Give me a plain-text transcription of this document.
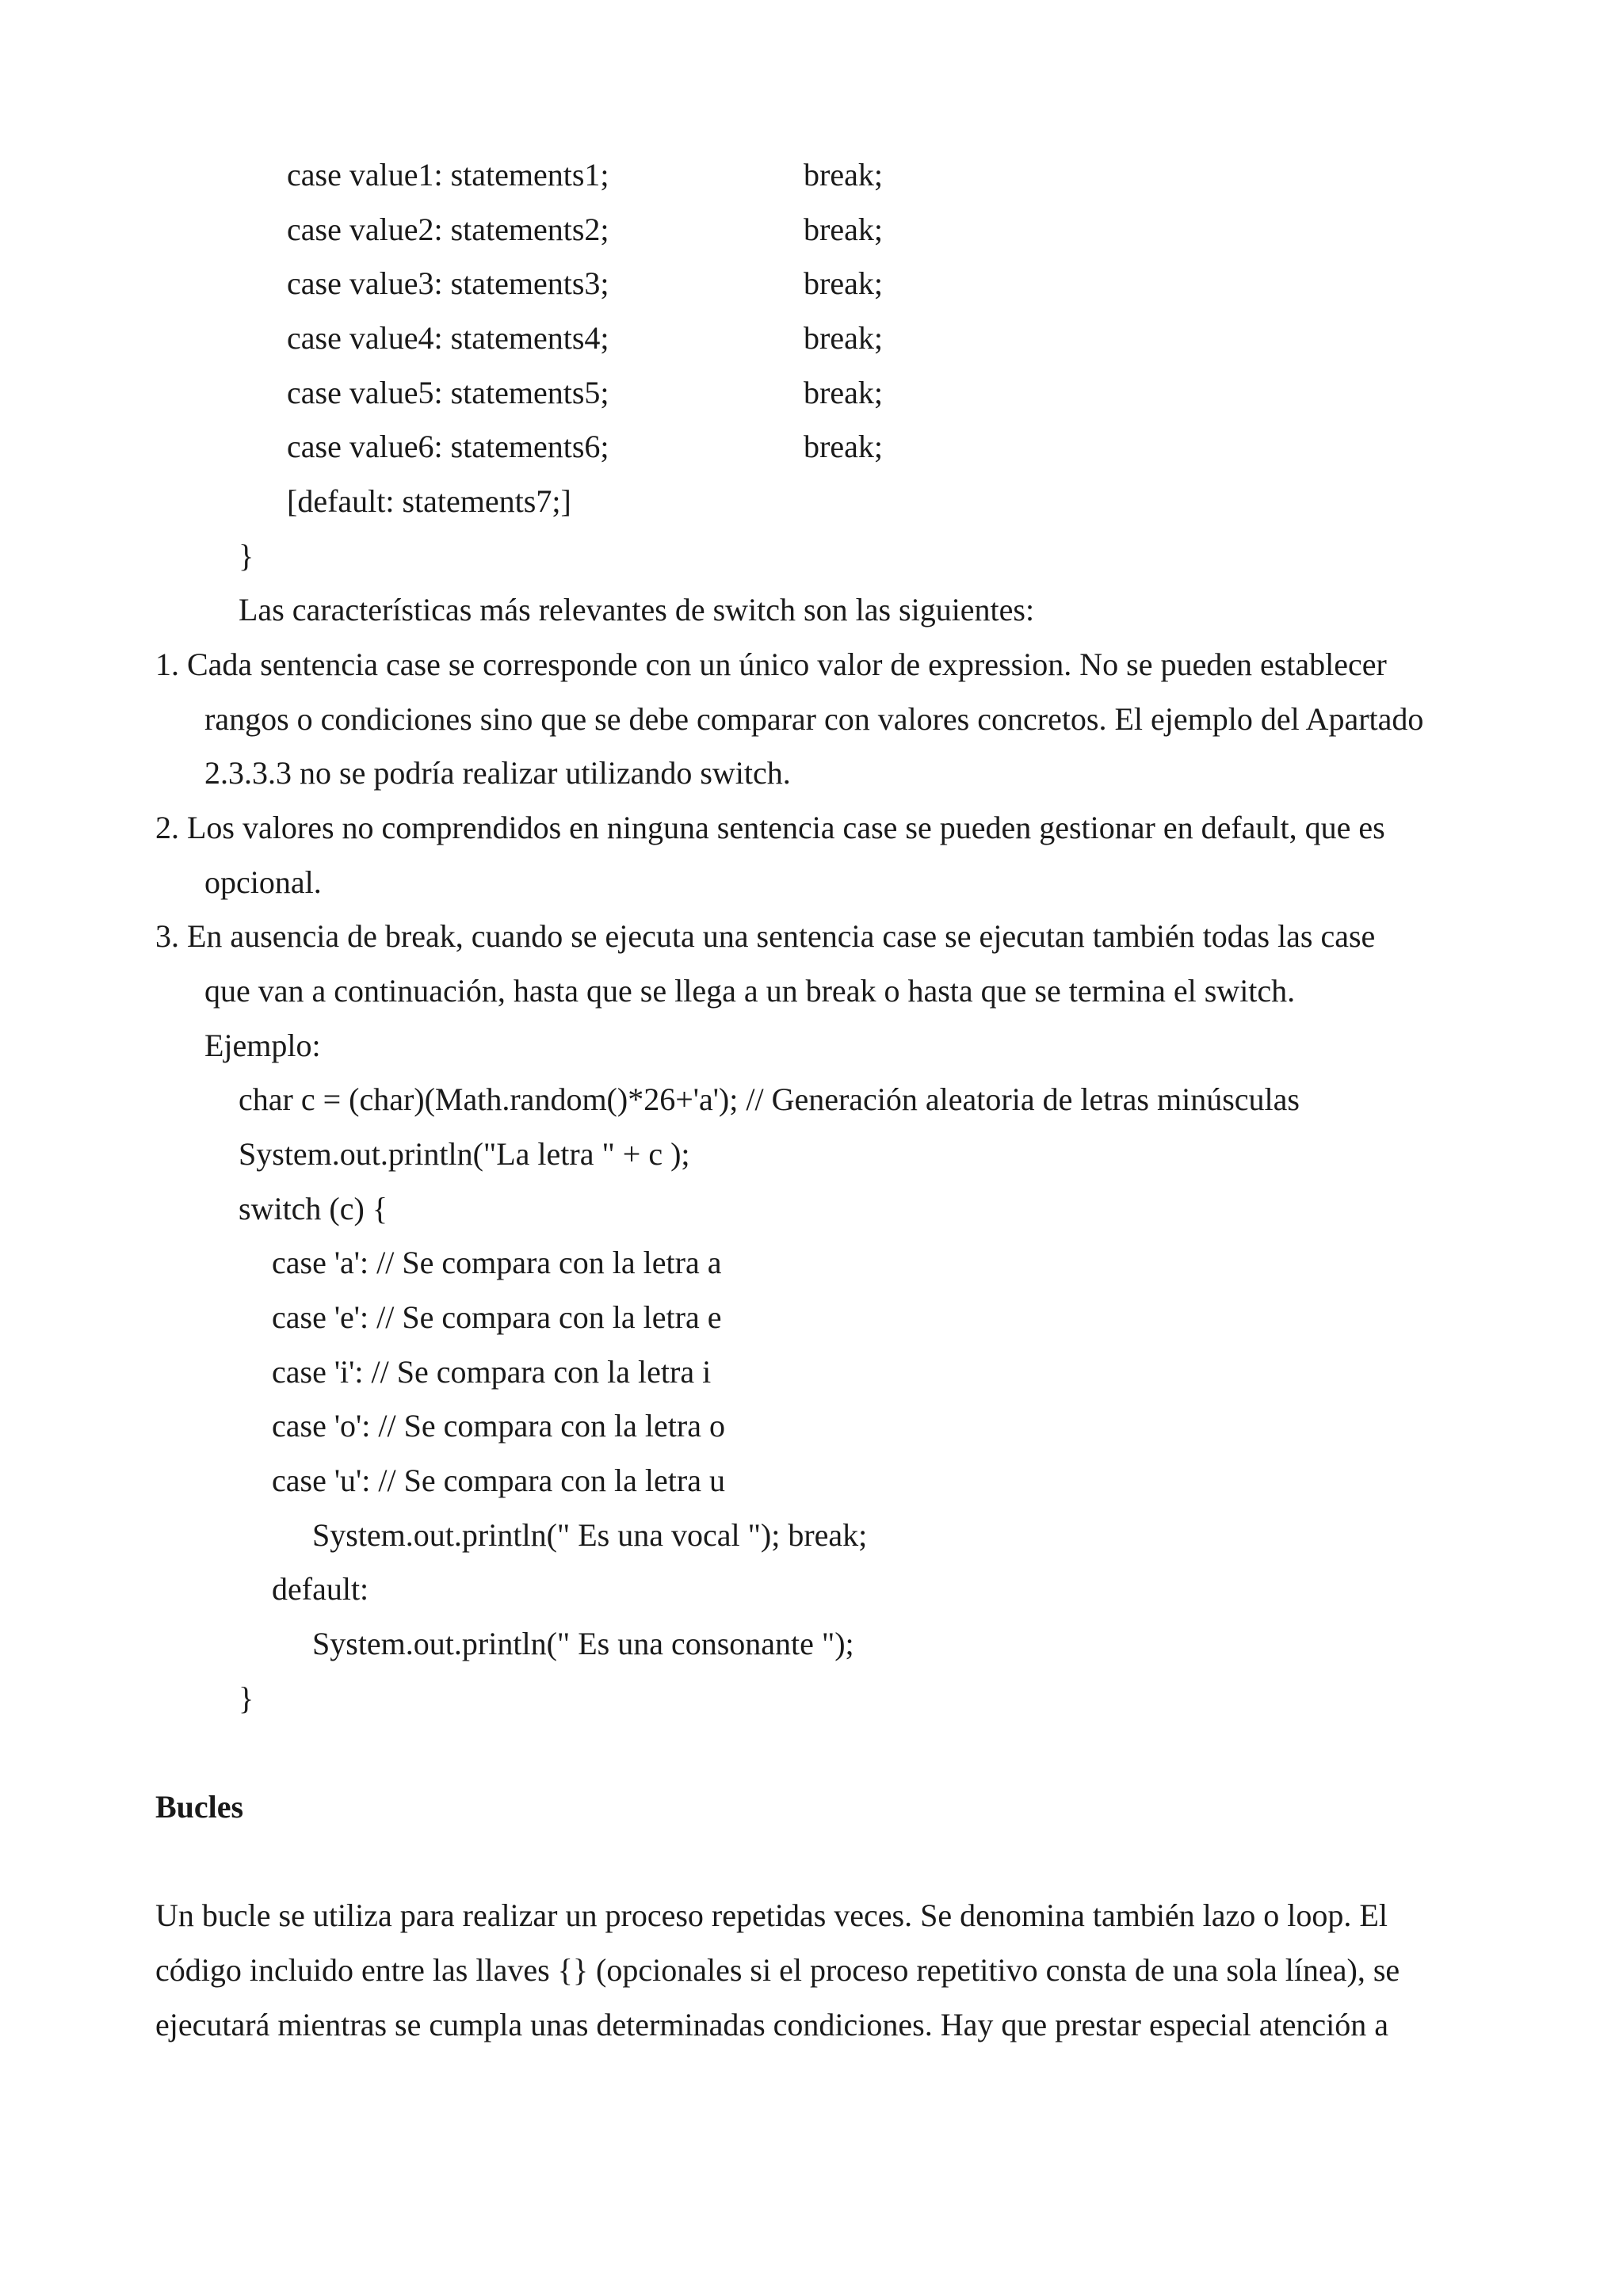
case value1: statements1;	break;
case value2: statements2;	break;
case value3: statements3;	break;
case value4: statements4;	break;
case value5: statements5;	break;
case value6: statements6;	break;
[default: statements7;]
}
Las características más relevantes de switch son las siguientes:
1. Cada sentencia case se corresponde con un único valor de expression. No se pueden establecer
rangos o condiciones sino que se debe comparar con valores concretos. El ejemplo del Apartado
2.3.3.3 no se podría realizar utilizando switch.
2. Los valores no comprendidos en ninguna sentencia case se pueden gestionar en default, que es
opcional.
3. En ausencia de break, cuando se ejecuta una sentencia case se ejecutan también todas las case
que van a continuación, hasta que se llega a un break o hasta que se termina el switch.
Ejemplo:
char c = (char)(Math.random()*26+'a'); // Generación aleatoria de letras minúsculas
System.out.println("La letra " + c );
switch (c) {
case 'a': // Se compara con la letra a
case 'e': // Se compara con la letra e
case 'i': // Se compara con la letra i
case 'o': // Se compara con la letra o
case 'u': // Se compara con la letra u
System.out.println(" Es una vocal "); break;
default:
System.out.println(" Es una consonante ");
}
Bucles
Un bucle se utiliza para realizar un proceso repetidas veces. Se denomina también lazo o loop. El
código incluido entre las llaves {} (opcionales si el proceso repetitivo consta de una sola línea), se
ejecutará mientras se cumpla unas determinadas condiciones. Hay que prestar especial atención a
